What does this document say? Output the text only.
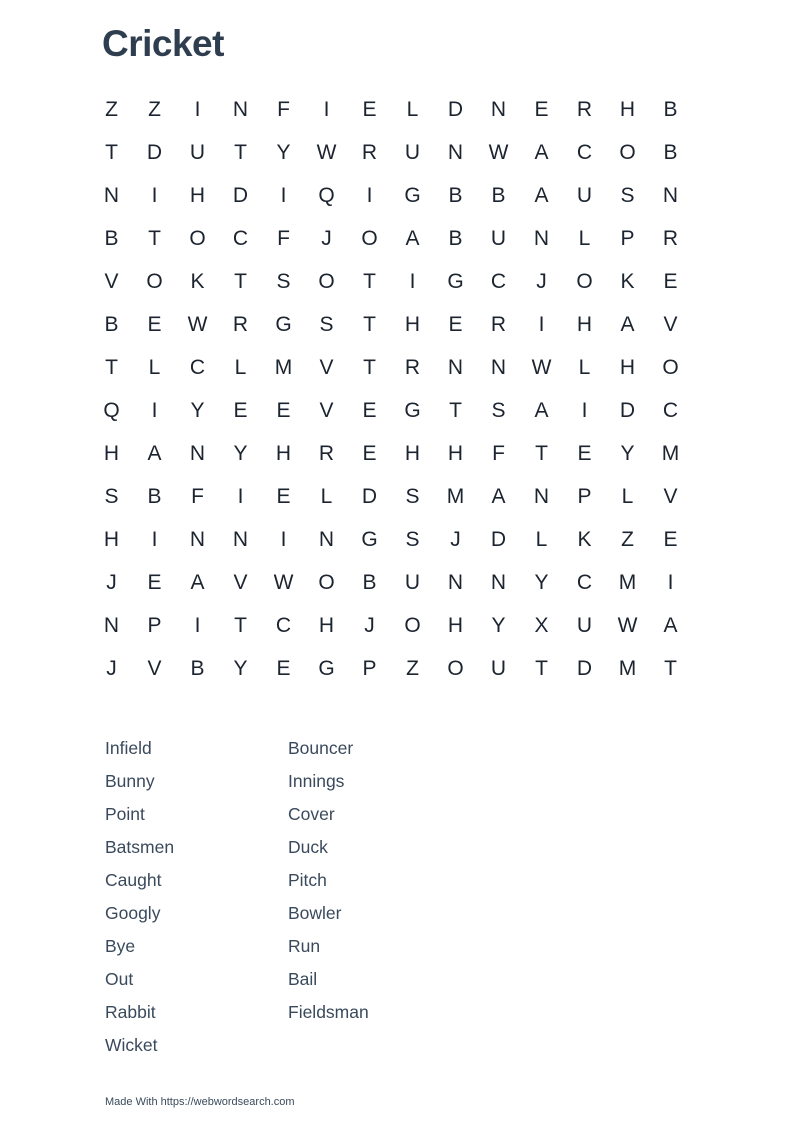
Cricket
Z	Z	I	N	F	I	E	L	D	N	E	R	H	B
T	D	U	T	Y	W	R	U	N	W	A	C	O	B
N	I	H	D	I	Q	I	G	B	B	A	U	S	N
B	T	O	C	F	J	O	A	B	U	N	L	P	R
V	O	K	T	S	O	T	I	G	C	J	O	K	E
B	E	W	R	G	S	T	H	E	R	I	H	A	V
T	L	C	L	M	V	T	R	N	N	W	L	H	O
Q	I	Y	E	E	V	E	G	T	S	A	I	D	C
H	A	N	Y	H	R	E	H	H	F	T	E	Y	M
S	B	F	I	E	L	D	S	M	A	N	P	L	V
H	I	N	N	I	N	G	S	J	D	L	K	Z	E
J	E	A	V	W	O	B	U	N	N	Y	C	M	I
N	P	I	T	C	H	J	O	H	Y	X	U	W	A
J	V	B	Y	E	G	P	Z	O	U	T	D	M	T
Infield
Bunny
Point
Batsmen
Caught
Googly
Bye
Out
Rabbit
Wicket
Bouncer
Innings
Cover
Duck
Pitch
Bowler
Run
Bail
Fieldsman
Made With https://webwordsearch.com
